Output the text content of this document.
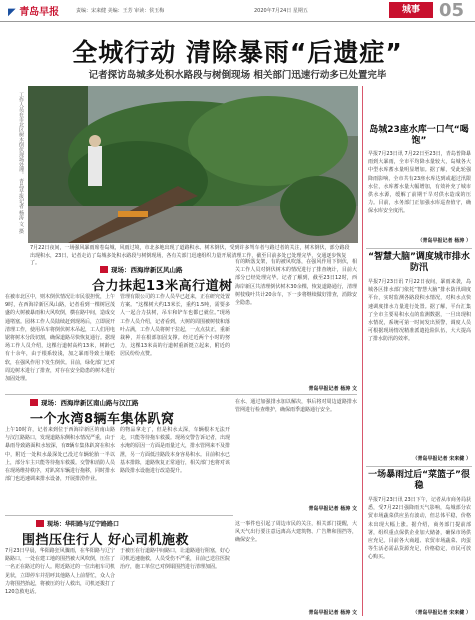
◤ 青岛早报	责编：宋来健 美编：王芳 审读：侯玉梅	2020年7月24日 星期五	城事	05
全城行动 清除暴雨“后遗症”
记者探访岛城多处积水路段与树倒现场 相关部门迅速行动多已处置完毕
工作人员在市北区树木倒伏现场处理。 青岛早报记者 杨涛 文 摄
7月22日夜间，一场强风暴雨席卷岛城，风雨过境，市北多地出现了道路积水、树木倒伏，受到许多驾车者与路过者的关注，树木倒伏，部分路段出现积水，23日，记者走访了岛城多处积水路段与树倒现场，各有关部门迅速组织力量开展清理工作，截至目前多处已处理完毕，交通逐步恢复了。
现场：西海岸新区风山路
合力抹起13米高行道树
在被市北区中，则木倒伏情况让市民很担忧，上午9时，在西海岸新区凤山路，记者看到一棵树冠茂盛的大树被暴雨和大风吹倒，横在路中间，造成交通堵塞。园林工作人员陆续赶到现场后，立即展开清理工作，使用吊车将倒伏树木吊起，工人们用电锯将树木分段切割，确保道路尽快恢复通行。据现场工作人员介绍，这棵行道树高约13米，树龄已有十余年，由于根系较浅，加之暴雨导致土壤松软，在强风作用下发生倒伏。目前，绿化部门已对周边树木进行了排查，对存在安全隐患的树木进行加固处理。
管理有限公司的工作人员早已赶来，正在研究处置方案。“这棵树大约13米长，重约1.5吨，需要多人一起合力扶树，吊车和铲车也都已就位。”现场工作人员介绍，记者看到，大树的周围被树枝和落叶占满，工作人员将树干拉起，一点点扶正，重新栽种，并在根部加固支撑。经过近两个小时的努力，这棵13米高的行道树重新挺立起来，附近的居民纷纷点赞。
有的断落支架，有的被风吹落，在强风作用下倒伏，相关工作人员对倒伏树木的情况进行了排查统计，目前大部分已经处理完毕。记者了解到，截至23日12时，西海岸新区共清理倒伏树木30余棵，恢复道路通行，清理树枝残叶共计20余车，下一步将继续做好排查，消除安全隐患。
青岛早报记者 杨涛 文
现场：西海岸新区南山路与汉江路
一个水湾8辆车集体趴窝
上午10时许，记者来到位于西海岸新区的南山路与汉江路路口，发现道路东侧积水情况严重，由于暴雨导致路面积水较深，有8辆车集体趴窝在积水中，附近一处积水最深处已没过车辆轮胎一半以上，部分车主只能等待拖车救援。交警和消防人员在现场维持秩序，对趴窝车辆进行拖移，同时排水部门也迅速调来排水设备，开展排涝作业。
的物品拿走了，但是积水太深，车辆根本无法开走，只能等待拖车救援。现场交警告诉记者，出现水淹的原因一方面是雨量过大，排水管网来不及排泄，另一方面低洼路段本身容易积水。目前积水已基本排除，道路恢复正常通行，相关部门也将对该路段排水设施进行改造提升。
在水、通过加强排水加以解决，事后将对周边道路排水管网进行检查维护，确保雨季道路通行安全。
青岛早报记者 杨涛 文
现场：华阳路与辽宁路路口
围挡压住行人 好心司机施救
7月23日早晨，华阳路狂风骤雨，在华阳路与辽宁路路口，一处在建工地的围挡被大风吹倒，压住了一名正在路过的行人。附近路过的一位出租车司机见状，立即停车并招呼其他路人上前帮忙，众人合力将围挡抬起，将被压的行人救出，司机还拨打了120急救电话。
于被压在行道路中间路口，让道路通行阻塞，好心司机迅速施救，人员受伤不严重，目前已送往医院治疗，施工单位已对倒塌围挡进行清理加固。
这一事件也引起了周边市民的关注，相关部门提醒，大风天气出行要注意远离高大建筑物、广告牌和围挡等，确保安全。
青岛早报记者 杨涛 文
岛城23座水库一口气“喝饱”
早报7月23日讯 7月22日至23日，青岛普降暴雨到大暴雨，全市平均降水量较大，岛城各大中型水库蓄水量明显增加。据了解，受此轮强降雨影响，全市共有23座水库达到或超过汛限水位，水库蓄水量大幅增加，有效补充了城市供水水源，缓解了前期干旱对供水造成的压力。目前，水务部门正加强水库巡查值守，确保水库安全度汛。
（青岛早报记者 杨涛 ）
“智慧大脑”调度城市排水防汛
早报7月23日讯 7月22日夜间，暴雨来袭，岛城各区排水部门依托“智慧大脑”排水防汛调度平台，实时监测各路段积水情况，对积水点快速调度排水力量进行处置。据了解，平台汇集了全市主要易积水点的监测数据，一旦出现积水情况，系统可第一时间发出预警，调度人员可根据现场情况精准派遣抢险队伍，大大提高了排水防汛的效率。
（青岛早报记者 宋来健 ）
一场暴雨过后“菜篮子”很稳
早报7月23日讯 23日下午，记者从市商务局获悉，受7月22日强降雨天气影响，岛城部分农贸市场蔬菜供应虽有波动，但总体平稳，价格未出现大幅上涨。据介绍，商务部门提前部署，组织重点保供企业加大储备，确保市场供应充足。目前各大商超、农贸市场蔬菜、肉蛋等生活必需品货源充足，价格稳定，市民可放心购买。
（青岛早报记者 宋来健 ）
